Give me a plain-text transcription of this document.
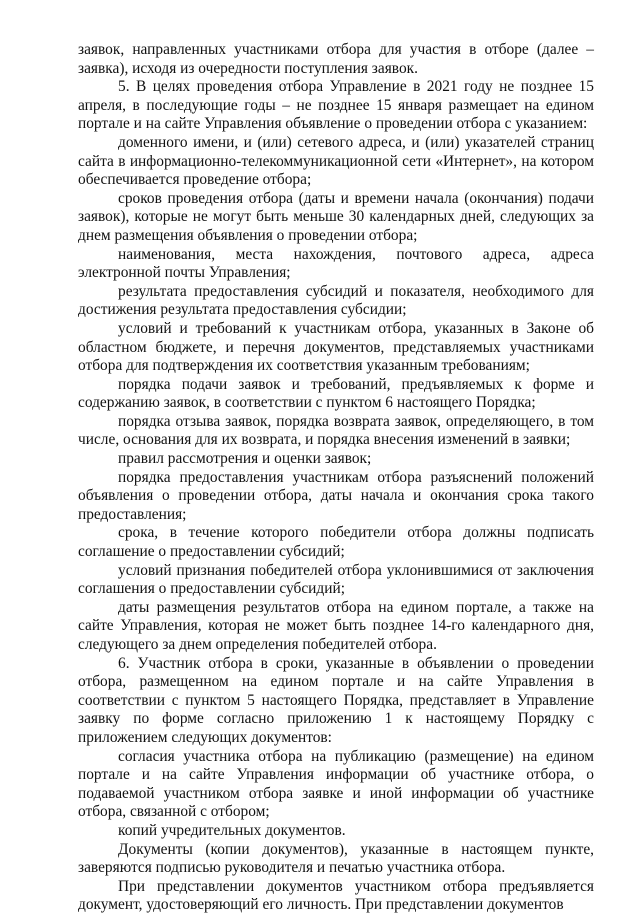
заявок, направленных участниками отбора для участия в отборе (далее – заявка), исходя из очередности поступления заявок.

5. В целях проведения отбора Управление в 2021 году не позднее 15 апреля, в последующие годы – не позднее 15 января размещает на едином портале и на сайте Управления объявление о проведении отбора с указанием:

доменного имени, и (или) сетевого адреса, и (или) указателей страниц сайта в информационно-телекоммуникационной сети «Интернет», на котором обеспечивается проведение отбора;

сроков проведения отбора (даты и времени начала (окончания) подачи заявок), которые не могут быть меньше 30 календарных дней, следующих за днем размещения объявления о проведении отбора;

наименования, места нахождения, почтового адреса, адреса электронной почты Управления;

результата предоставления субсидий и показателя, необходимого для достижения результата предоставления субсидии;

условий и требований к участникам отбора, указанных в Законе об областном бюджете, и перечня документов, представляемых участниками отбора для подтверждения их соответствия указанным требованиям;

порядка подачи заявок и требований, предъявляемых к форме и содержанию заявок, в соответствии с пунктом 6 настоящего Порядка;

порядка отзыва заявок, порядка возврата заявок, определяющего, в том числе, основания для их возврата, и порядка внесения изменений в заявки;

правил рассмотрения и оценки заявок;

порядка предоставления участникам отбора разъяснений положений объявления о проведении отбора, даты начала и окончания срока такого предоставления;

срока, в течение которого победители отбора должны подписать соглашение о предоставлении субсидий;

условий признания победителей отбора уклонившимися от заключения соглашения о предоставлении субсидий;

даты размещения результатов отбора на едином портале, а также на сайте Управления, которая не может быть позднее 14-го календарного дня, следующего за днем определения победителей отбора.

6. Участник отбора в сроки, указанные в объявлении о проведении отбора, размещенном на едином портале и на сайте Управления в соответствии с пунктом 5 настоящего Порядка, представляет в Управление заявку по форме согласно приложению 1 к настоящему Порядку с приложением следующих документов:

согласия участника отбора на публикацию (размещение) на едином портале и на сайте Управления информации об участнике отбора, о подаваемой участником отбора заявке и иной информации об участнике отбора, связанной с отбором;

копий учредительных документов.

Документы (копии документов), указанные в настоящем пункте, заверяются подписью руководителя и печатью участника отбора.

При представлении документов участником отбора предъявляется документ, удостоверяющий его личность. При представлении документов
